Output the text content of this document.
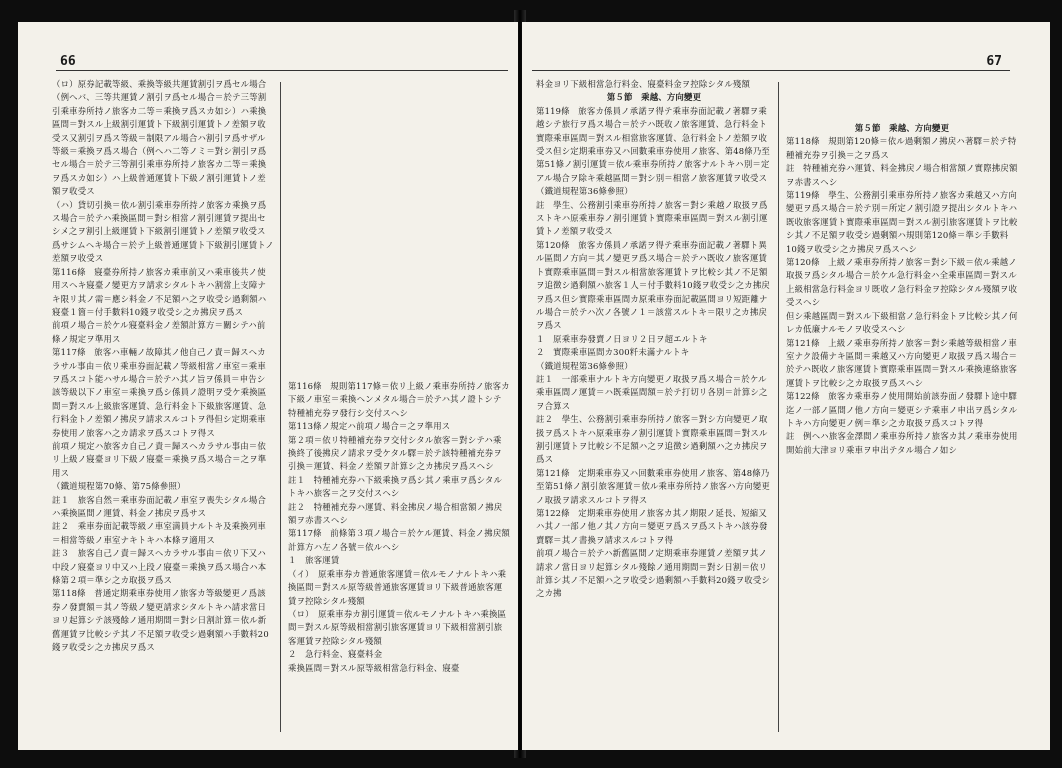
66

（ロ）原券記載等級、乘換等級共運賃割引ヲ爲セル場合（例へバ、三等共運賃ノ割引ヲ爲セル場合＝於テ三等割引乘車券所持ノ旅客カ二等＝乘換ヲ爲スカ如シ）ハ乘換區間＝對スル上級割引運賃ト下級割引運賃トノ差額ヲ收受ス又割引ヲ爲ス等級＝制限アル場合ハ割引ヲ爲サザル等級＝乘換ヲ爲ス場合（例へハ二等ノミ＝對シ割引ヲ爲セル場合＝於テ三等割引乘車券所持ノ旅客カ二等＝乘換ヲ爲スカ如シ）ハ上級普通運賃ト下級ノ割引運賃トノ差額ヲ收受ス

（ハ）貸切引換＝依ル割引乘車券所持ノ旅客カ乘換ヲ爲ス場合＝於テハ乘換區間＝對シ相當ノ割引運賃ヲ提出セシメ之ヲ割引上級運賃ト下級割引運賃トノ差額ヲ收受ス爲サシムヘキ場合＝於テ上級普通運賃ト下級割引運賃トノ差額ヲ收受ス

第116條　寢臺券所持ノ旅客カ乘車前又ハ乘車後共ノ使用スヘキ寢臺ノ變更方ヲ請求シタルトキハ割當上支障ナキ限リ其ノ需＝應シ料金ノ不足額ハ之ヲ收受シ過剩額ハ寢臺１箇＝付手數料10錢ヲ收受シ之カ拂戻ヲ爲ス

前項ノ場合＝於ケル寢臺料金ノ差額計算方＝關シテハ前條ノ規定ヲ準用ス

第117條　旅客ハ車輛ノ故障其ノ他自己ノ責＝歸スヘカラサル事由＝依リ乘車券面記載ノ等級相當ノ車室＝乘車ヲ爲スコト能ハサル場合＝於テハ其ノ旨ヲ係員＝申告シ該等級以下ノ車室＝乘換ヲ爲シ係員ノ證明ヲ受ケ乘換區間＝對スル上級旅客運賃、急行料金ト下級旅客運賃、急行料金トノ差額ノ拂戻ヲ請求スルコトヲ得但シ定期乘車券使用ノ旅客ハ之カ請求ヲ爲スコトヲ得ス

前項ノ規定ハ旅客カ自己ノ責＝歸スヘカラサル事由＝依リ上級ノ寢臺ヨリ下級ノ寢臺＝乘換ヲ爲ス場合＝之ヲ準用ス

（鐵道規程第70條、第75條參照）

註１　旅客自然＝乘車券面記載ノ車室ヲ喪失シタル場合ハ乘換區間ノ運賃、料金ノ拂戻ヲ爲サス

註２　乘車券面記載等級ノ車室満員ナルトキ及乘換列車＝相當等級ノ車室ナキトキハ本條ヲ適用ス

註３　旅客自己ノ責＝歸スヘカラサル事由＝依リ下又ハ中段ノ寢臺ヨリ中又ハ上段ノ寢臺＝乘換ヲ爲ス場合ハ本條第２項＝準シ之カ取扱ヲ爲ス

第118條　普通定期乘車券使用ノ旅客カ等級變更ノ爲該券ノ發賣額＝其ノ等級ノ變更請求シタルトキハ請求當日ヨリ起算シテ該殘餘ノ通用期間＝對シ日割計算＝依ル新舊運賃ヲ比較シテ其ノ不足額ヲ收受シ過剰額ハ手數料20錢ヲ收受シ之カ拂戻ヲ爲ス

第116條　規則第117條＝依リ上級ノ乘車券所持ノ旅客カ下級ノ車室＝乘換ヘンメタル場合＝於テハ其ノ證トシテ特種補充券ヲ發行シ交付スヘシ

第113條ノ規定ハ前項ノ場合＝之ヲ準用ス

第２項＝依リ特種補充券ヲ交付シタル旅客＝對シテハ乘換終了後拂戻ノ請求ヲ受ケタル驛＝於テ該特種補充券ヲ引換＝運賃、料金ノ差額ヲ計算シ之カ拂戻ヲ爲スヘシ

註１　特種補充券ハ下級乘換ヲ爲シ其ノ乘車ヲ爲シタルトキハ旅客＝之ヲ交付スヘシ

註２　特種補充券ハ運賃、料金拂戻ノ場合相當額ノ拂戻額ヲ赤書スヘシ

第117條　前條第３項ノ場合＝於ケル運賃、料金ノ拂戻額計算方ハ左ノ各號＝依ルヘシ

１　旅客運賃

（イ）　原乘車券カ普通旅客運賃＝依ルモノナルトキハ乘換區間＝對スル原等級普通旅客運賃ヨリ下級普通旅客運賃ヲ控除シタル殘額

（ロ）　原乘車券カ割引運賃＝依ルモノナルトキハ乘換區間＝對スル原等級相當割引旅客運賃ヨリ下級相當割引旅客運賃ヲ控除シタル殘額

２　急行料金、寢臺料金

乘換區間＝對スル原等級相當急行料金、寢臺

67

料金ヨリ下級相當急行料金、寢臺料金ヲ控除シタル殘額

第５節　乘越、方向變更

第119條　旅客カ係員ノ承諾ヲ得テ乘車券面記載ノ著驛ヲ乘越シテ旅行ヲ爲ス場合＝於テハ既收ノ旅客運賃、急行料金ト實際乘車區間＝對スル相當旅客運賃、急行料金トノ差額ヲ收受ス但シ定期乘車券又ハ回數乘車券使用ノ旅客、第48條乃至第51條ノ割引運賃＝依ル乘車券所持ノ旅客ナルトキハ別＝定アル場合ヲ除キ乘越區間＝對シ別＝相當ノ旅客運賃ヲ收受ス

（鐵道規程第36條參照）

註　學生、公務割引乘車券所持ノ旅客＝對シ乘越ノ取扱ヲ爲ストキハ原乘車券ノ割引運賃ト實際乘車區間＝對スル割引運賃トノ差額ヲ收受ス

第120條　旅客カ係員ノ承諾ヲ得テ乘車券面記載ノ著驛ト異ル區間ノ方向＝其ノ變更ヲ爲ス場合＝於テハ既收ノ旅客運賃ト實際乘車區間＝對スル相當旅客運賃トヲ比較シ其ノ不足額ヲ追徴シ過剩額ハ旅客１人＝付手數料10錢ヲ收受シ之カ拂戻ヲ爲ス但シ實際乘車區間カ原乘車券面記載區間ヨリ短距離ナル場合＝於テハ次ノ各號ノ１＝該當スルトキ＝限リ之カ拂戻ヲ爲ス

１　原乘車券發賣ノ日ヨリ２日ヲ超エルトキ

２　實際乘車區間カ300粁未滿ナルトキ

（鐵道規程第36條參照）

註１　一部乘車ナルトキ方向變更ノ取扱ヲ爲ス場合＝於ケル乘車區間ノ運賃＝ハ既乘區間額＝於テ打切リ各別＝計算シ之ヲ合算ス

註２　學生、公務割引乘車券所持ノ旅客＝對シ方向變更ノ取扱ヲ爲ストキハ原乘車券ノ割引運賃ト實際乘車區間＝對スル割引運賃トヲ比較シ不足額ハ之ヲ追徴シ過剰額ハ之カ拂戻ヲ爲ス

第121條　定期乘車券又ハ回數乘車券使用ノ旅客、第48條乃至第51條ノ割引旅客運賃＝依ル乘車券所持ノ旅客ハ方向變更ノ取扱ヲ請求スルコトヲ得ス

第122條　定期乘車券使用ノ旅客カ其ノ期限ノ延長、短縮又ハ其ノ一部ノ他ノ其ノ方向＝變更ヲ爲スヲ爲ストキハ該券發賣驛＝其ノ書換ヲ請求スルコトヲ得

前項ノ場合＝於テハ新舊區間ノ定期乘車券運賃ノ差額ヲ其ノ請求ノ當日ヨリ起算シタル殘餘ノ通用期間＝對シ日割＝依リ計算シ其ノ不足額ハ之ヲ收受シ過剰額ハ手數料20錢ヲ收受シ之カ拂

第５節　乘越、方向變更

第118條　規則第120條＝依ル過剰額ノ拂戻ハ著驛＝於テ特種補充券ヲ引換＝之ヲ爲ス

註　特種補充券ハ運賃、料金拂戻ノ場合相當額ノ實際拂戻額ヲ赤書スヘシ

第119條　學生、公務割引乘車券所持ノ旅客カ乘越又ハ方向變更ヲ爲ス場合＝於テ別＝所定ノ割引證ヲ提出シタルトキハ既收旅客運賃ト實際乘車區間＝對スル割引旅客運賃トヲ比較シ其ノ不足額ヲ收受シ過剰額ハ規則第120條＝準シ手數料10錢ヲ收受シ之カ拂戻ヲ爲スヘシ

第120條　上級ノ乘車券所持ノ旅客＝對シ下級＝依ル乘越ノ取扱ヲ爲シタル場合＝於ケル急行料金ハ全乘車區間＝對スル上級相當急行料金ヨリ既收ノ急行料金ヲ控除シタル殘額ヲ收受スヘシ

但シ乘越區間＝對スル下級相當ノ急行料金トヲ比較シ其ノ何レカ低廉ナルモノヲ收受スヘシ

第121條　上級ノ乘車券所持ノ旅客＝對シ乘越等級相當ノ車室ナク設備ナキ區間＝乘越又ハ方向變更ノ取扱ヲ爲ス場合＝於テハ既收ノ旅客運賃ト實際乘車區間＝對スル乘換連絡旅客運賃トヲ比較シ之カ取扱ヲ爲スヘシ

第122條　旅客カ乘車券ノ使用開始前該券面ノ發驛ト途中驛迄ノ一部ノ區間ノ他ノ方向＝變更シテ乘車ノ申出ヲ爲シタルトキハ方向變更ノ例＝準シ之カ取扱ヲ爲スコトヲ得

註　例ヘハ旅客金澤間ノ乘車券所持ノ旅客カ其ノ乘車券使用開始前大津ヨリ乘車ヲ申出テタル場合ノ如シ
